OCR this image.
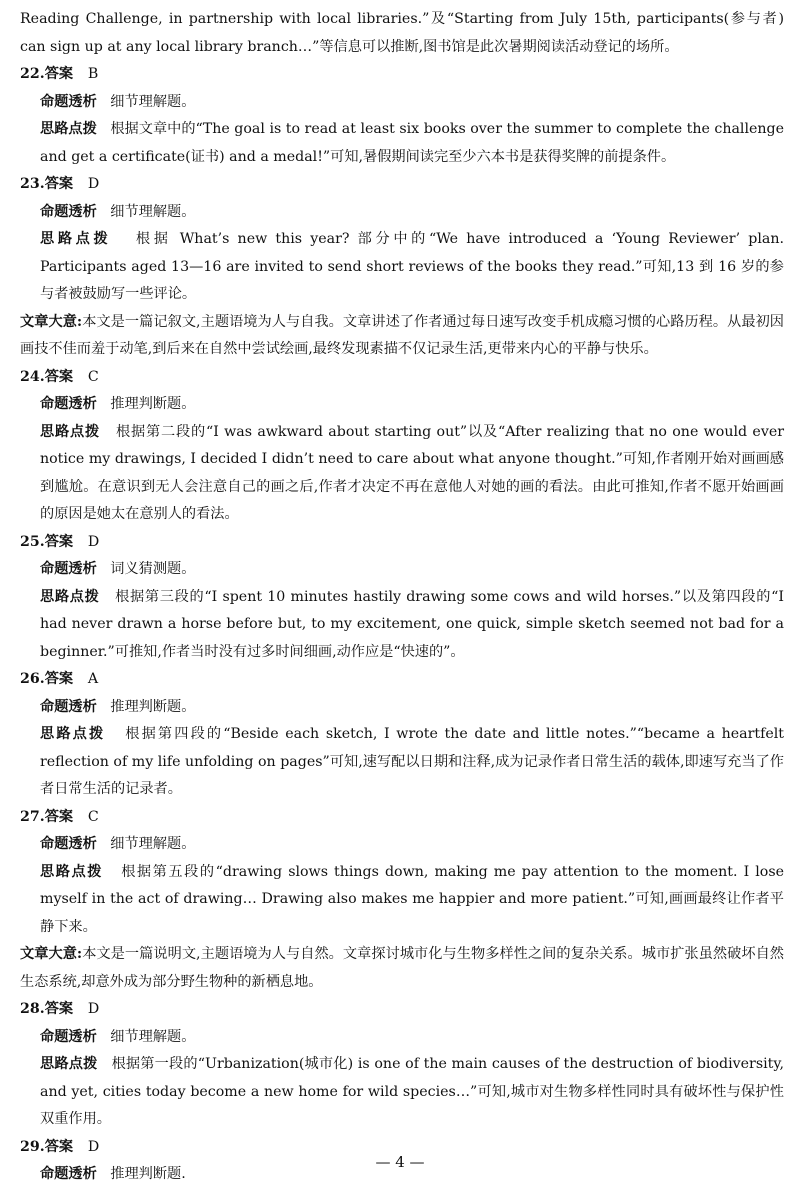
Reading Challenge, in partnership with local libraries.”及“Starting from July 15th, participants(参与者) can sign up at any local library branch…”等信息可以推断,图书馆是此次暑期阅读活动登记的场所。

22.答案 B

命题透析 细节理解题。

思路点拨 根据文章中的“The goal is to read at least six books over the summer to complete the challenge and get a certificate(证书) and a medal!”可知,暑假期间读完至少六本书是获得奖牌的前提条件。

23.答案 D

命题透析 细节理解题。

思路点拨 根据 What’s new this year? 部分中的“We have introduced a ‘Young Reviewer’ plan. Participants aged 13—16 are invited to send short reviews of the books they read.”可知,13 到 16 岁的参与者被鼓励写一些评论。

文章大意:本文是一篇记叙文,主题语境为人与自我。文章讲述了作者通过每日速写改变手机成瘾习惯的心路历程。从最初因画技不佳而羞于动笔,到后来在自然中尝试绘画,最终发现素描不仅记录生活,更带来内心的平静与快乐。

24.答案 C

命题透析 推理判断题。

思路点拨 根据第二段的“I was awkward about starting out”以及“After realizing that no one would ever notice my drawings, I decided I didn’t need to care about what anyone thought.”可知,作者刚开始对画画感到尴尬。在意识到无人会注意自己的画之后,作者才决定不再在意他人对她的画的看法。由此可推知,作者不愿开始画画的原因是她太在意别人的看法。

25.答案 D

命题透析 词义猜测题。

思路点拨 根据第三段的“I spent 10 minutes hastily drawing some cows and wild horses.”以及第四段的“I had never drawn a horse before but, to my excitement, one quick, simple sketch seemed not bad for a beginner.”可推知,作者当时没有过多时间细画,动作应是“快速的”。

26.答案 A

命题透析 推理判断题。

思路点拨 根据第四段的“Beside each sketch, I wrote the date and little notes.”“became a heartfelt reflection of my life unfolding on pages”可知,速写配以日期和注释,成为记录作者日常生活的载体,即速写充当了作者日常生活的记录者。

27.答案 C

命题透析 细节理解题。

思路点拨 根据第五段的“drawing slows things down, making me pay attention to the moment. I lose myself in the act of drawing… Drawing also makes me happier and more patient.”可知,画画最终让作者平静下来。

文章大意:本文是一篇说明文,主题语境为人与自然。文章探讨城市化与生物多样性之间的复杂关系。城市扩张虽然破坏自然生态系统,却意外成为部分野生物种的新栖息地。

28.答案 D

命题透析 细节理解题。

思路点拨 根据第一段的“Urbanization(城市化) is one of the main causes of the destruction of biodiversity, and yet, cities today become a new home for wild species…”可知,城市对生物多样性同时具有破坏性与保护性双重作用。

29.答案 D

命题透析 推理判断题.

— 4 —
